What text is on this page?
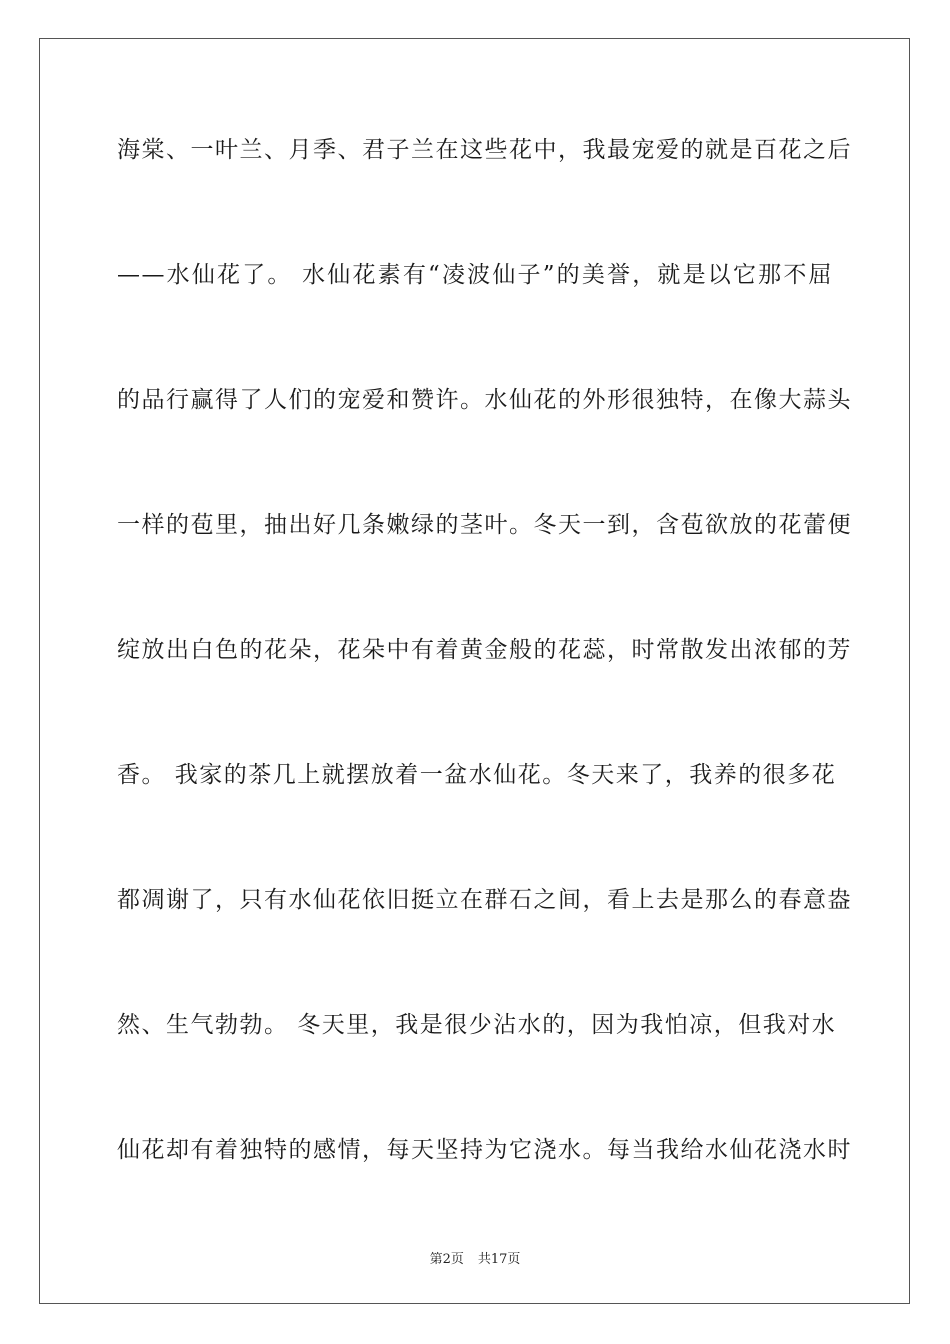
海棠、一叶兰、月季、君子兰在这些花中，我最宠爱的就是百花之后
——水仙花了。 水仙花素有“凌波仙子”的美誉，就是以它那不屈
的品行赢得了人们的宠爱和赞许。水仙花的外形很独特，在像大蒜头
一样的苞里，抽出好几条嫩绿的茎叶。冬天一到，含苞欲放的花蕾便
绽放出白色的花朵，花朵中有着黄金般的花蕊，时常散发出浓郁的芳
香。 我家的茶几上就摆放着一盆水仙花。冬天来了，我养的很多花
都凋谢了，只有水仙花依旧挺立在群石之间，看上去是那么的春意盎
然、生气勃勃。 冬天里，我是很少沾水的，因为我怕凉，但我对水
仙花却有着独特的感情，每天坚持为它浇水。每当我给水仙花浇水时
第2页 共17页
